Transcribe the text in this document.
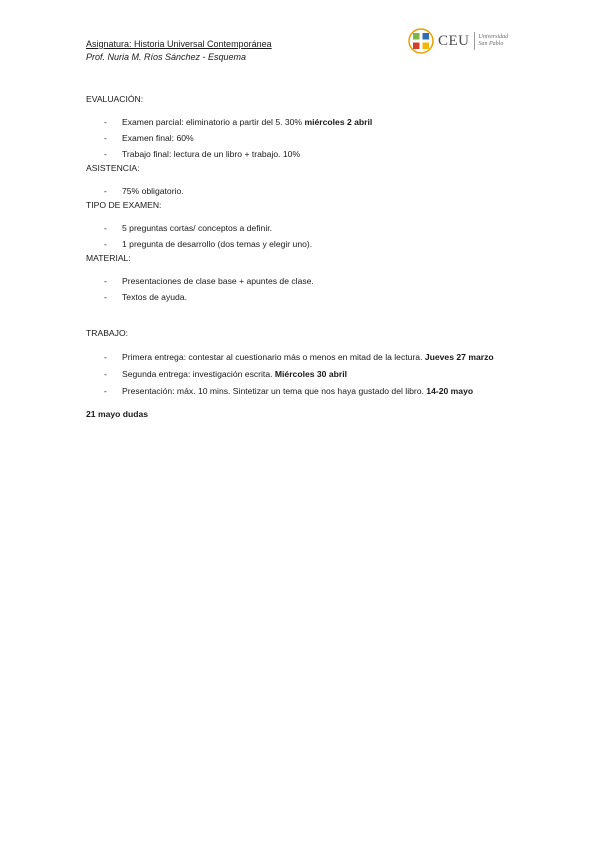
Asignatura: Historia Universal Contemporánea
Prof. Nuria M. Ríos Sánchez - Esquema
CEU Universidad
San Pablo
EVALUACIÓN:
- Examen parcial: eliminatorio a partir del 5. 30% miércoles 2 abril
- Examen final: 60%
- Trabajo final: lectura de un libro + trabajo. 10%
ASISTENCIA:
- 75% obligatorio.
TIPO DE EXAMEN:
- 5 preguntas cortas/ conceptos a definir.
- 1 pregunta de desarrollo (dos temas y elegir uno).
MATERIAL:
- Presentaciones de clase base + apuntes de clase.
- Textos de ayuda.
TRABAJO:
- Primera entrega: contestar al cuestionario más o menos en mitad de la lectura. Jueves 27 marzo
- Segunda entrega: investigación escrita. Miércoles 30 abril
- Presentación: máx. 10 mins. Sintetizar un tema que nos haya gustado del libro. 14-20 mayo
21 mayo dudas
